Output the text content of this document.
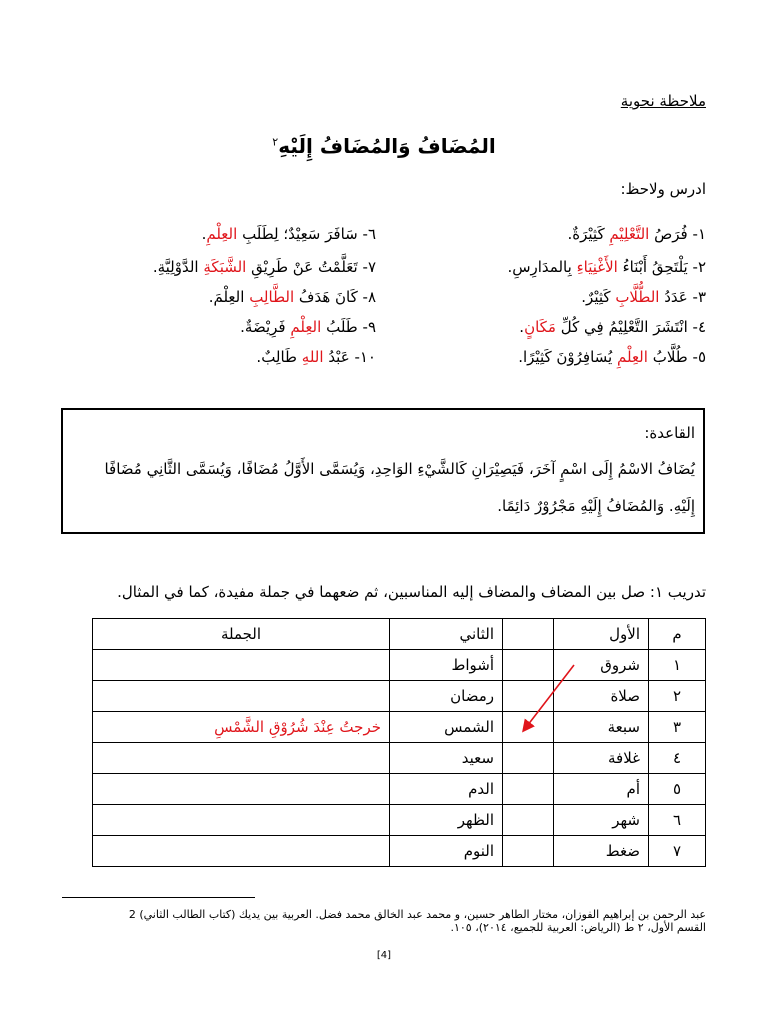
ملاحظة نحوية
المُضَافُ وَالمُضَافُ إِلَيْهِ$^٢$
ادرس ولاحظ:
١- فُرَصُ التَّعْلِيْمِ كَثِيْرَةٌ.
٢- يَلْتَحِقُ أَبْنَاءُ الأَغْنِيَاءِ بِالمدَارِسِ.
٣- عَدَدُ الطُّلَّابِ كَثِيْرٌ.
٤- انْتَشَرَ التَّعْلِيْمُ فِي كُلِّ مَكَانٍ.
٥- طُلَّابُ العِلْمِ يُسَافِرُوْنَ كَثِيْرًا.
٦- سَافَرَ سَعِيْدٌ؛ لِطَلَبِ العِلْمِ.
٧- تَعَلَّمْتُ عَنْ طَرِيْقِ الشَّبَكَةِ الدَّوْلِيَّةِ.
٨- كَانَ هَدَفُ الطَّالِبِ العِلْمَ.
٩- طَلَبُ العِلْمِ فَرِيْضَةٌ.
١٠- عَبْدُ اللهِ طَالِبٌ.
القاعدة:
يُضَافُ الاسْمُ إِلَى اسْمٍ آخَرَ، فَيَصِيْرَانِ كَالشَّيْءِ الوَاحِدِ، وَيُسَمَّى الأَوَّلُ مُضَافًا، وَيُسَمَّى الثَّانِي مُضَافًا
إِلَيْهِ. وَالمُضَافُ إِلَيْهِ مَجْرُوْرٌ دَائِمًا.
تدريب ١: صل بين المضاف والمضاف إليه المناسبين، ثم ضعهما في جملة مفيدة، كما في المثال.
م	الأول		الثاني	الجملة
١	شروق		أشواط	
٢	صلاة		رمضان	
٣	سبعة		الشمس	خرجتُ عِنْدَ شُرُوْقِ الشَّمْسِ
٤	غلافة		سعيد	
٥	أم		الدم	
٦	شهر		الظهر	
٧	ضغط		النوم	
عبد الرحمن بن إبراهيم الفوزان، مختار الطاهر حسين، و محمد عبد الخالق محمد فضل. العربية بين يديك (كتاب الطالب الثاني) 2
القسم الأول، ٢ ط (الرياض: العربية للجميع، ٢٠١٤)، ١٠٥.
[4]
